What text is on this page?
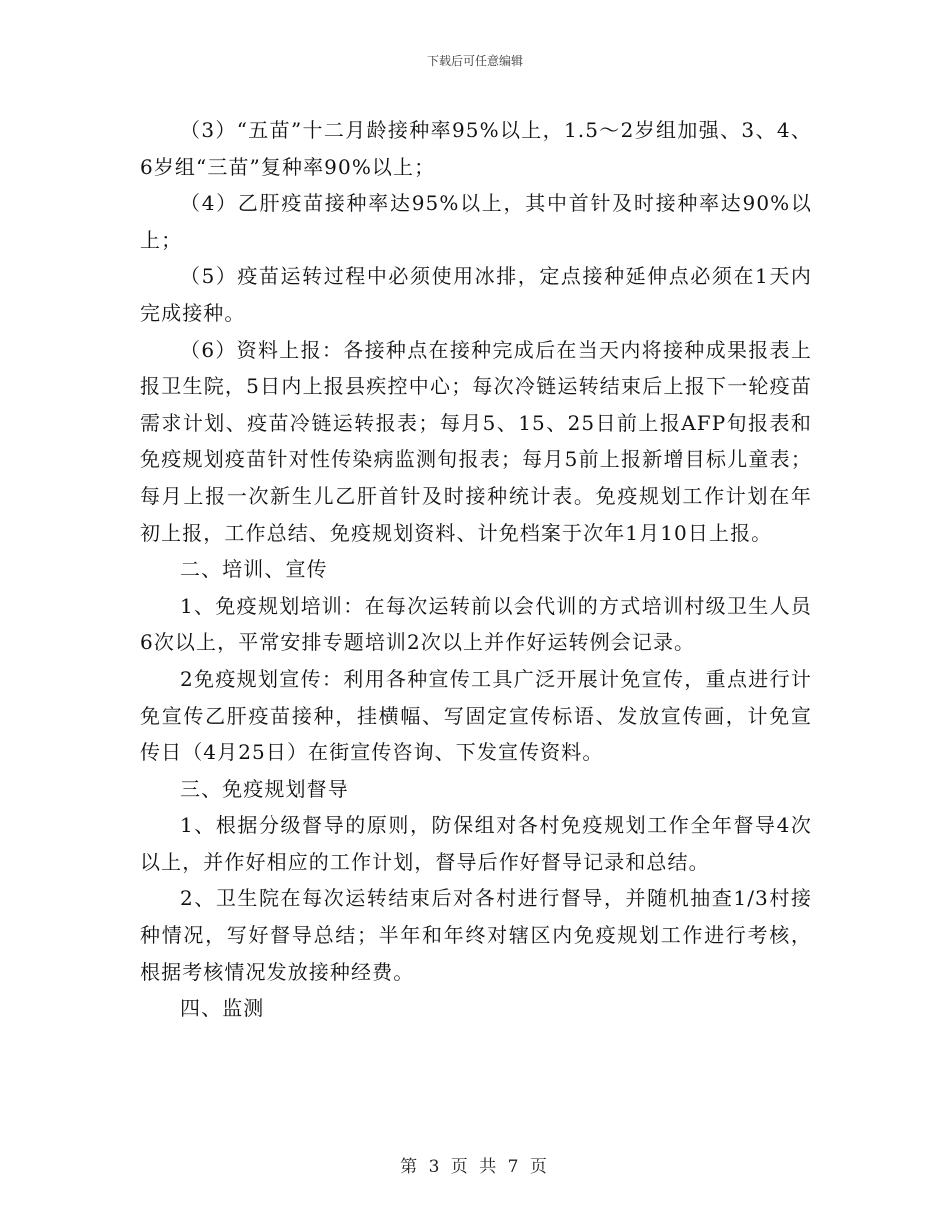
下载后可任意编辑

（3）“五苗”十二月龄接种率95%以上，1.5～2岁组加强、3、4、6岁组“三苗”复种率90%以上；

（4）乙肝疫苗接种率达95%以上，其中首针及时接种率达90%以上；

（5）疫苗运转过程中必须使用冰排，定点接种延伸点必须在1天内完成接种。

（6）资料上报：各接种点在接种完成后在当天内将接种成果报表上报卫生院，5日内上报县疾控中心；每次冷链运转结束后上报下一轮疫苗需求计划、疫苗冷链运转报表；每月5、15、25日前上报AFP旬报表和免疫规划疫苗针对性传染病监测旬报表；每月5前上报新增目标儿童表；每月上报一次新生儿乙肝首针及时接种统计表。免疫规划工作计划在年初上报，工作总结、免疫规划资料、计免档案于次年1月10日上报。

二、培训、宣传

1、免疫规划培训：在每次运转前以会代训的方式培训村级卫生人员6次以上，平常安排专题培训2次以上并作好运转例会记录。

2免疫规划宣传：利用各种宣传工具广泛开展计免宣传，重点进行计免宣传乙肝疫苗接种，挂横幅、写固定宣传标语、发放宣传画，计免宣传日（4月25日）在街宣传咨询、下发宣传资料。

三、免疫规划督导

1、根据分级督导的原则，防保组对各村免疫规划工作全年督导4次以上，并作好相应的工作计划，督导后作好督导记录和总结。

2、卫生院在每次运转结束后对各村进行督导，并随机抽查1/3村接种情况，写好督导总结；半年和年终对辖区内免疫规划工作进行考核，根据考核情况发放接种经费。

四、监测

第 3 页 共 7 页
